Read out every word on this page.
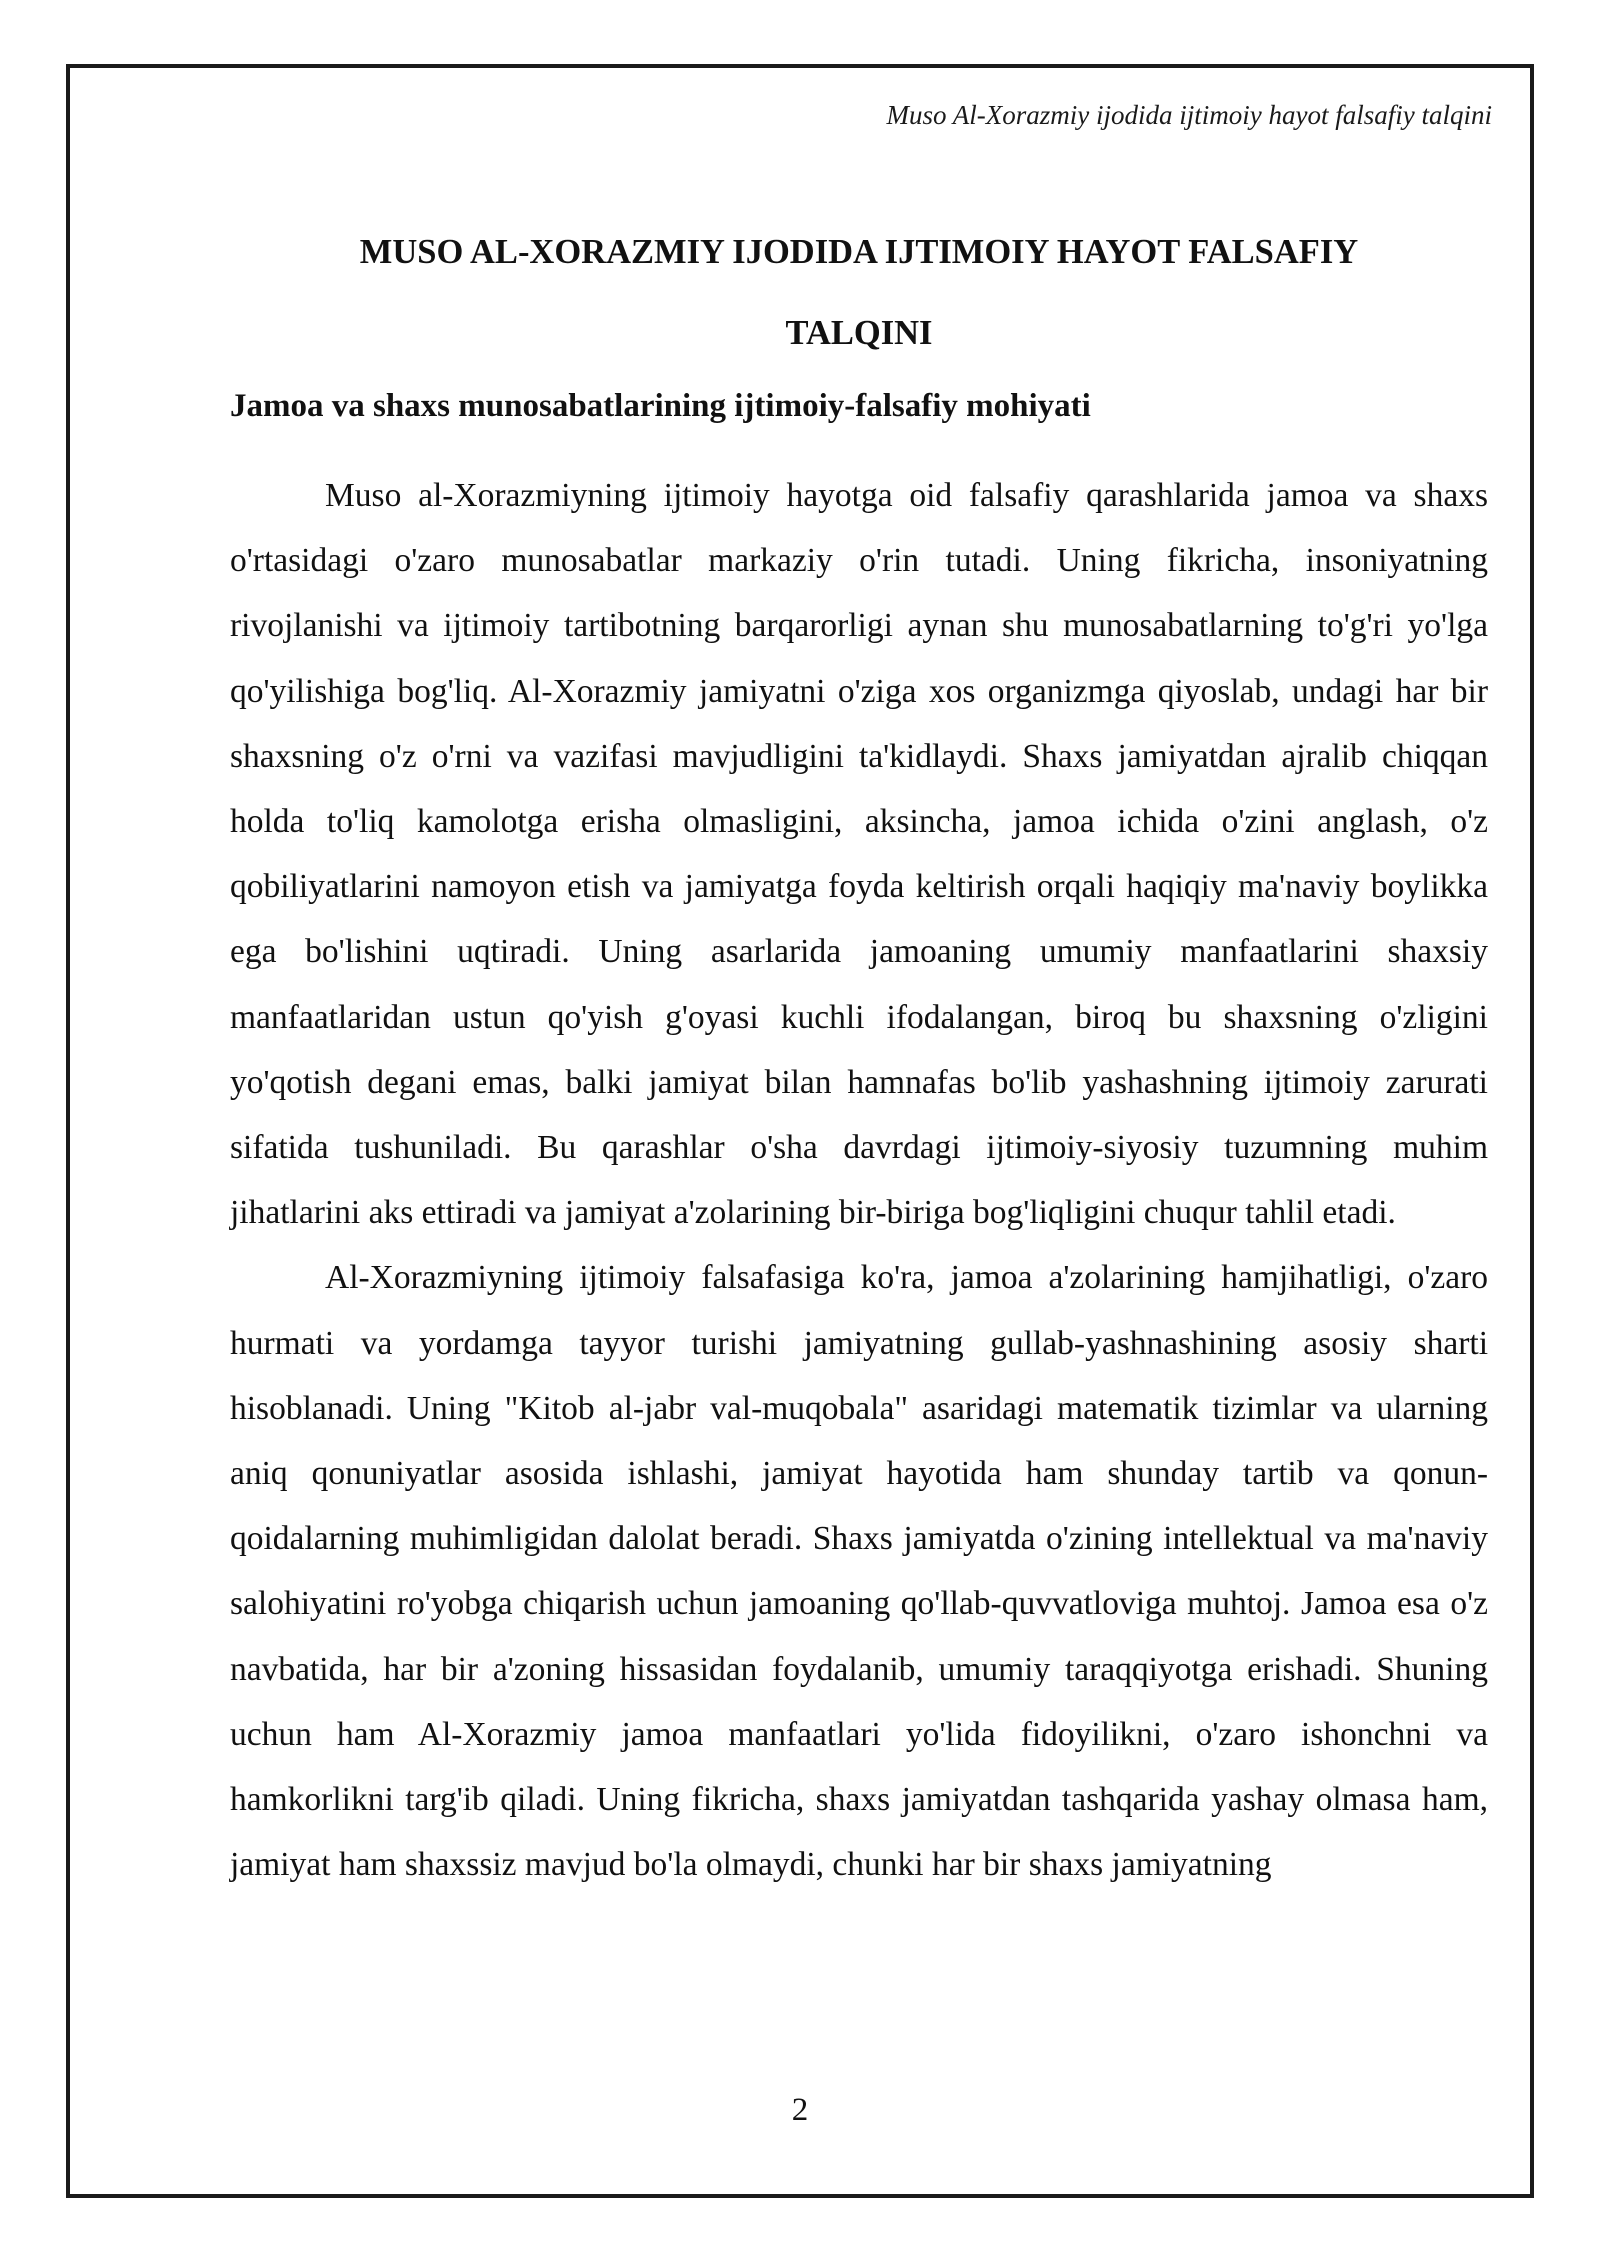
Muso Al-Xorazmiy ijodida ijtimoiy hayot falsafiy talqini
MUSO AL-XORAZMIY IJODIDA IJTIMOIY HAYOT FALSAFIY
TALQINI
Jamoa va shaxs munosabatlarining ijtimoiy-falsafiy mohiyati

Muso al-Xorazmiyning ijtimoiy hayotga oid falsafiy qarashlarida jamoa va shaxs o'rtasidagi o'zaro munosabatlar markaziy o'rin tutadi. Uning fikricha, insoniyatning rivojlanishi va ijtimoiy tartibotning barqarorligi aynan shu munosabatlarning to'g'ri yo'lga qo'yilishiga bog'liq. Al-Xorazmiy jamiyatni o'ziga xos organizmga qiyoslab, undagi har bir shaxsning o'z o'rni va vazifasi mavjudligini ta'kidlaydi. Shaxs jamiyatdan ajralib chiqqan holda to'liq kamolotga erisha olmasligini, aksincha, jamoa ichida o'zini anglash, o'z qobiliyatlarini namoyon etish va jamiyatga foyda keltirish orqali haqiqiy ma'naviy boylikka ega bo'lishini uqtiradi. Uning asarlarida jamoaning umumiy manfaatlarini shaxsiy manfaatlaridan ustun qo'yish g'oyasi kuchli ifodalangan, biroq bu shaxsning o'zligini yo'qotish degani emas, balki jamiyat bilan hamnafas bo'lib yashashning ijtimoiy zarurati sifatida tushuniladi. Bu qarashlar o'sha davrdagi ijtimoiy-siyosiy tuzumning muhim jihatlarini aks ettiradi va jamiyat a'zolarining bir-biriga bog'liqligini chuqur tahlil etadi.

Al-Xorazmiyning ijtimoiy falsafasiga ko'ra, jamoa a'zolarining hamjihatligi, o'zaro hurmati va yordamga tayyor turishi jamiyatning gullab-yashnashining asosiy sharti hisoblanadi. Uning "Kitob al-jabr val-muqobala" asaridagi matematik tizimlar va ularning aniq qonuniyatlar asosida ishlashi, jamiyat hayotida ham shunday tartib va qonun-qoidalarning muhimligidan dalolat beradi. Shaxs jamiyatda o'zining intellektual va ma'naviy salohiyatini ro'yobga chiqarish uchun jamoaning qo'llab-quvvatloviga muhtoj. Jamoa esa o'z navbatida, har bir a'zoning hissasidan foydalanib, umumiy taraqqiyotga erishadi. Shuning uchun ham Al-Xorazmiy jamoa manfaatlari yo'lida fidoyilikni, o'zaro ishonchni va hamkorlikni targ'ib qiladi. Uning fikricha, shaxs jamiyatdan tashqarida yashay olmasa ham, jamiyat ham shaxssiz mavjud bo'la olmaydi, chunki har bir shaxs jamiyatning

2
